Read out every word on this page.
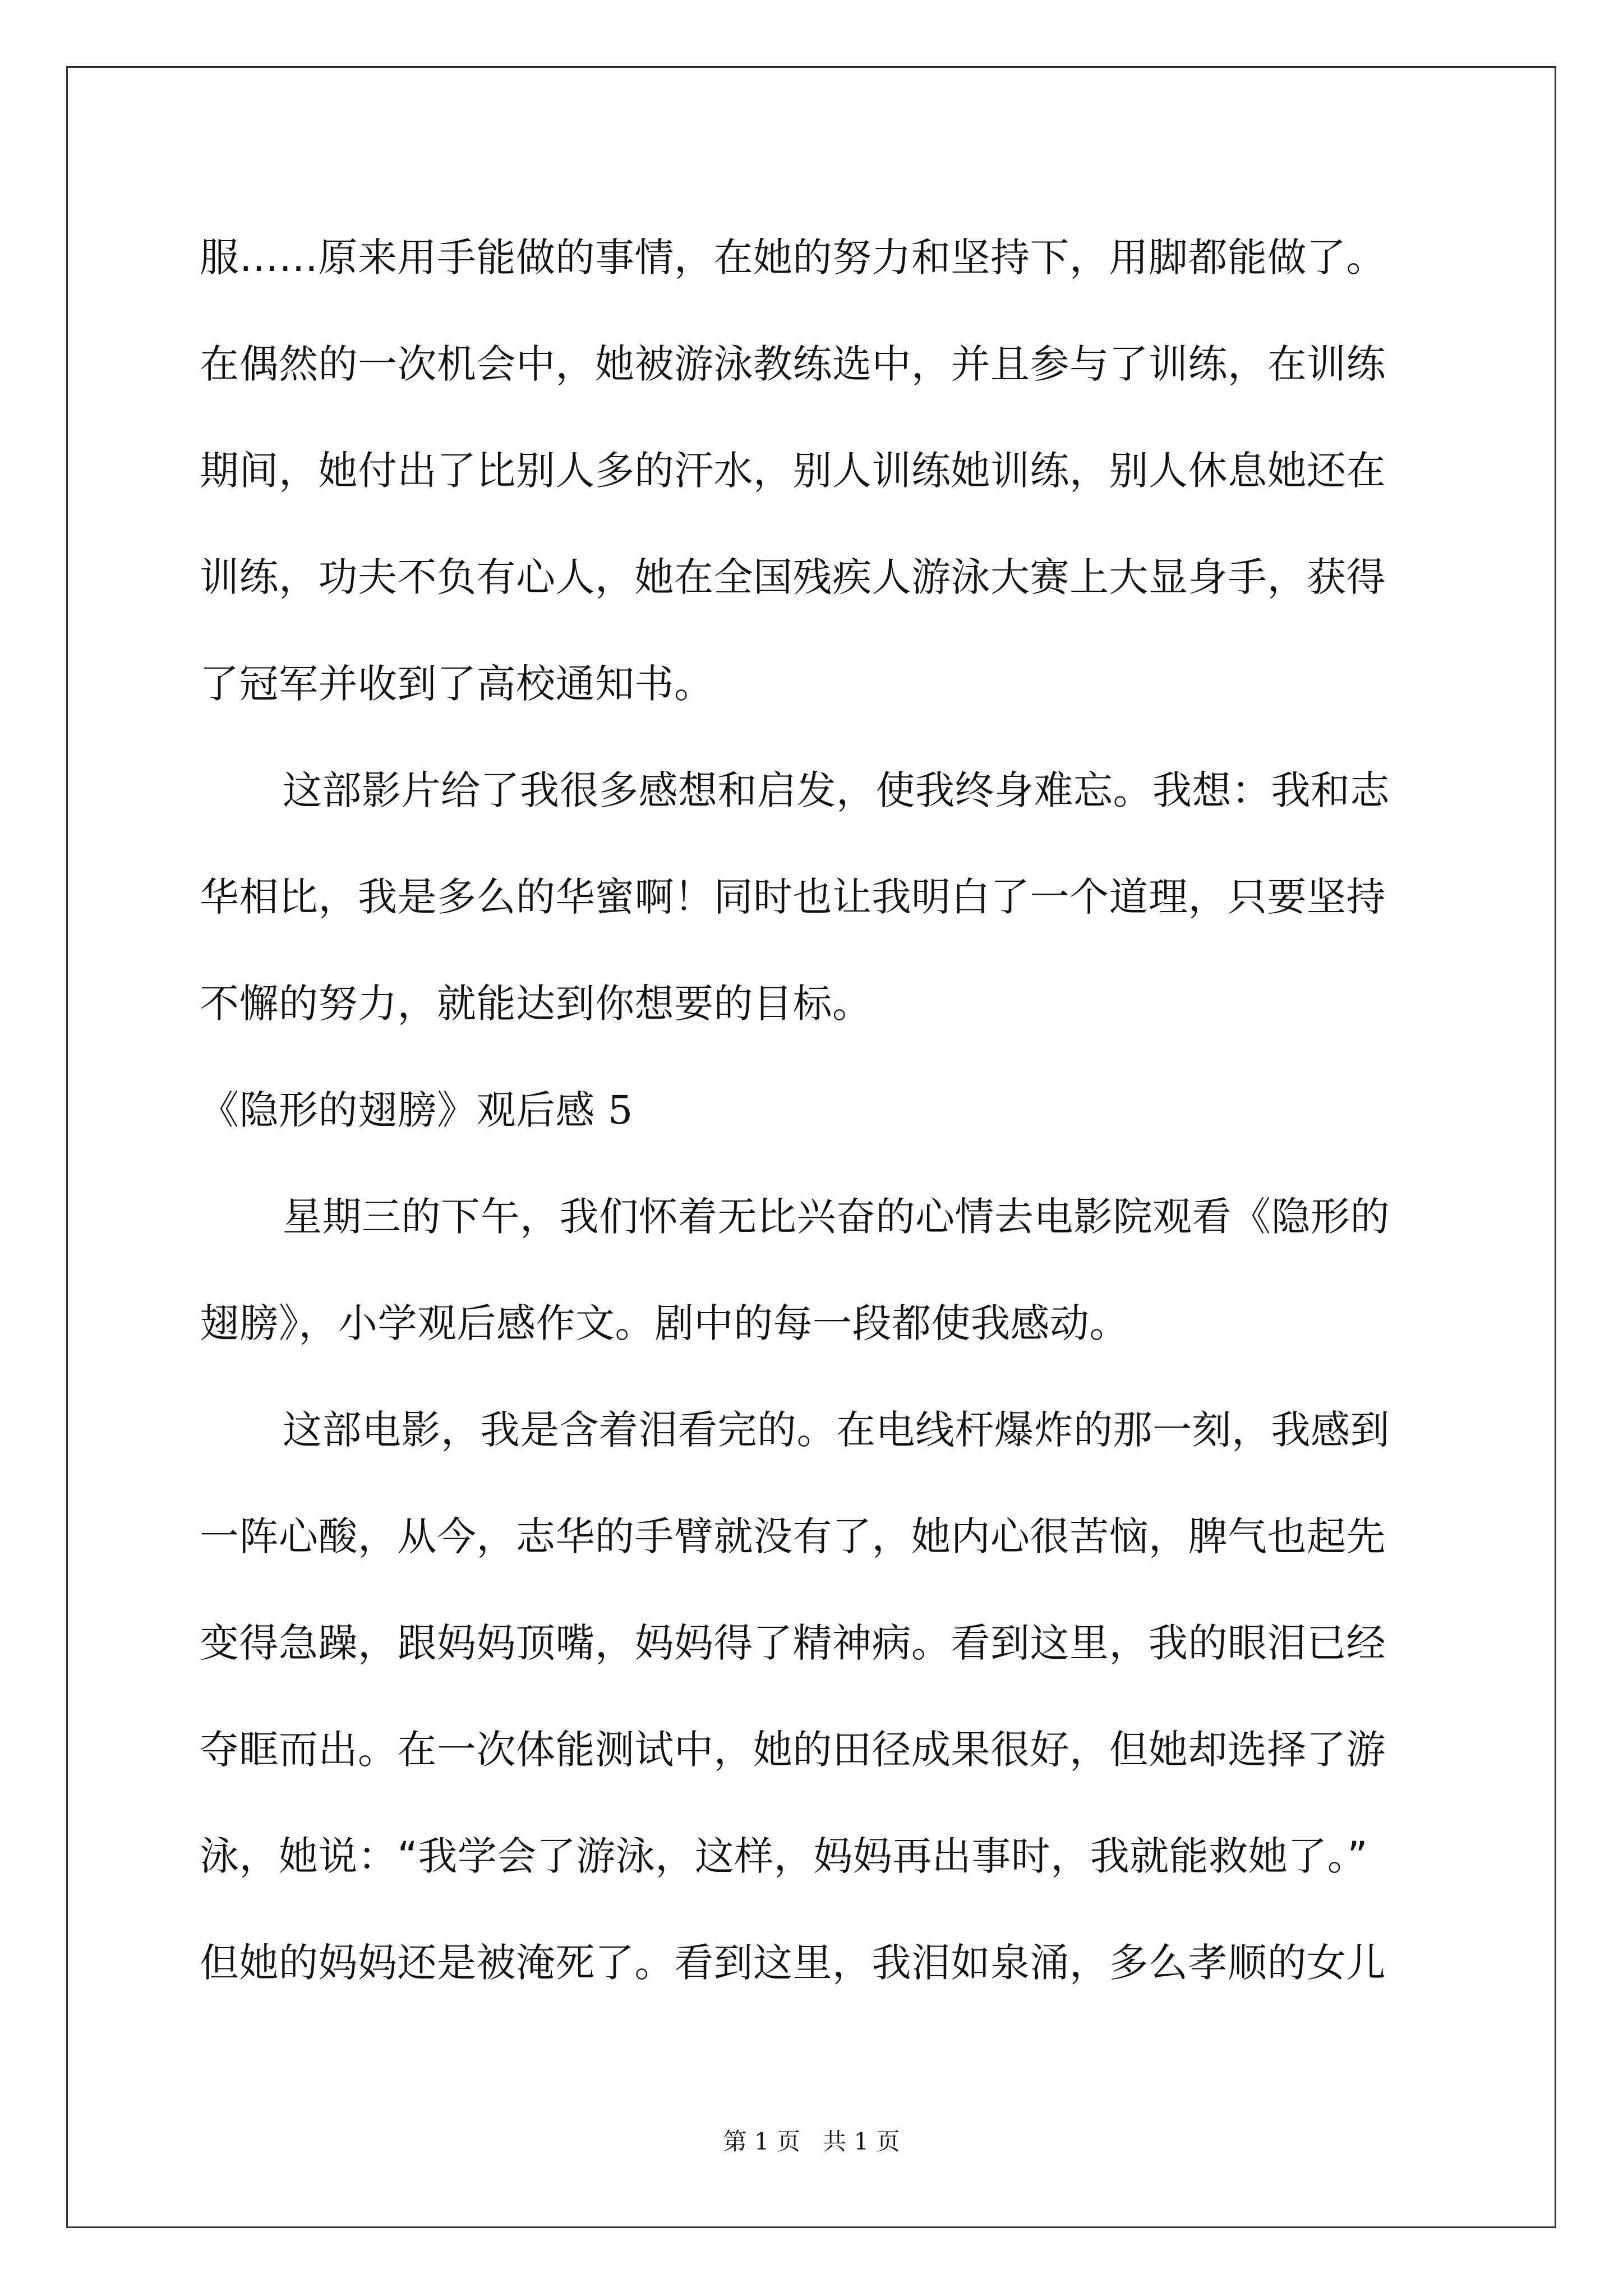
服……原来用手能做的事情，在她的努力和坚持下，用脚都能做了。
在偶然的一次机会中，她被游泳教练选中，并且参与了训练，在训练
期间，她付出了比别人多的汗水，别人训练她训练，别人休息她还在
训练，功夫不负有心人，她在全国残疾人游泳大赛上大显身手，获得
了冠军并收到了高校通知书。
这部影片给了我很多感想和启发，使我终身难忘。我想：我和志
华相比，我是多么的华蜜啊！同时也让我明白了一个道理，只要坚持
不懈的努力，就能达到你想要的目标。
《隐形的翅膀》观后感 5
星期三的下午，我们怀着无比兴奋的心情去电影院观看《隐形的
翅膀》，小学观后感作文。剧中的每一段都使我感动。
这部电影，我是含着泪看完的。在电线杆爆炸的那一刻，我感到
一阵心酸，从今，志华的手臂就没有了，她内心很苦恼，脾气也起先
变得急躁，跟妈妈顶嘴，妈妈得了精神病。看到这里，我的眼泪已经
夺眶而出。在一次体能测试中，她的田径成果很好，但她却选择了游
泳，她说：“我学会了游泳，这样，妈妈再出事时，我就能救她了。”
但她的妈妈还是被淹死了。看到这里，我泪如泉涌，多么孝顺的女儿
第 1 页   共 1 页
